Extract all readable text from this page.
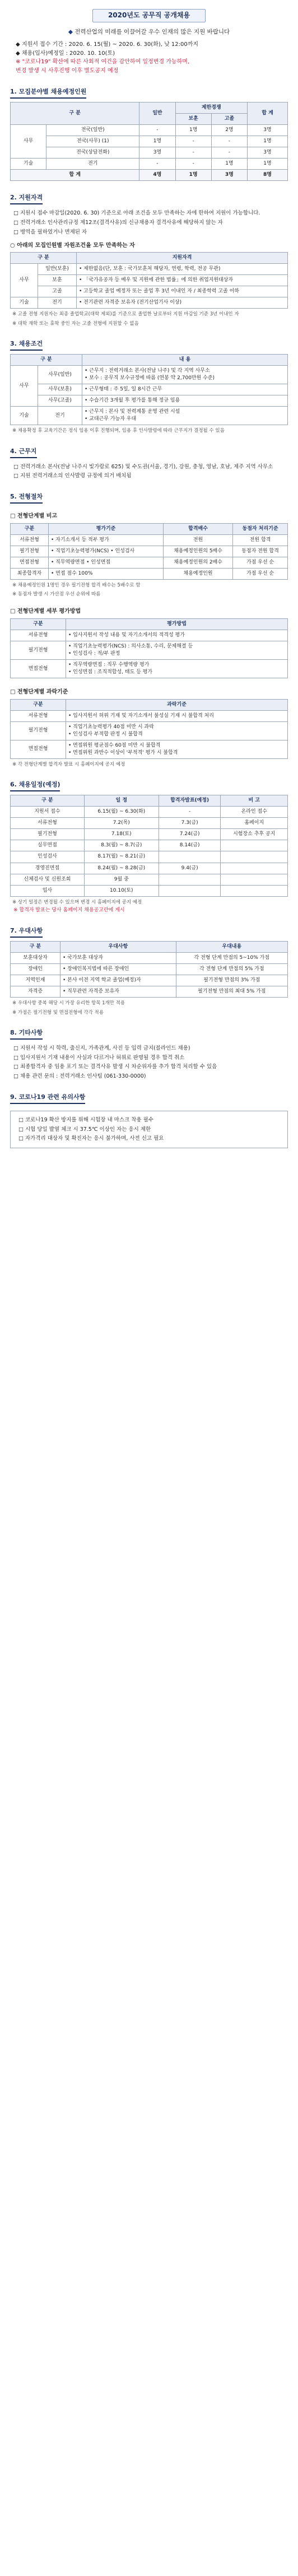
2020년도 공무직 공개채용
◆ 전력산업의 미래를 이끌어갈 우수 인재의 많은 지원 바랍니다
◆ 지원서 접수 기간 : 2020. 6. 15(월) ~ 2020. 6. 30(화), 낮 12:00까지
◆ 채용(입사)예정일 : 2020. 10. 10(토)
※ "코로나19" 확산에 따른 사회적 여건을 감안하여 일정변경 가능하며,
변경 발생 시 사후진행 이후 별도공지 예정
1. 모집분야별 채용예정인원
구 분		일반	제한경쟁		합 계
			보훈	고졸	
사무	전국(일반)	-	1명	2명	3명
	전국(사무) (1)	1명	-	-	1명
	전국(상담전화)	3명	-	-	3명
기술	전기	-	-	1명	1명
합 계		4명	1명	3명	8명
2. 지원자격
□ 지원시 접수 마감일(2020. 6. 30) 기준으로 아래 조건을 모두 만족하는 자에 한하여 지원이 가능합니다.
□ 전력거래소 인사관리규정 제12조(결격사유)의 신규채용자 결격사유에 해당하지 않는 자
□ 병역을 필하였거나 면제된 자
○ 아래의 모집인원별 자원조건을 모두 만족하는 자
구 분		지원자격
사무	일반(보훈)	• 제한없음(단, 보훈 : 국가보훈처 해당자, 연령, 학력, 전공 무관)
	보훈	• 「국가유공자 등 예우 및 지원에 관한 법률」에 의한 취업지원대상자
	고졸	• 고등학교 졸업 예정자 또는 졸업 후 3년 이내인 자 / 최종학력 고졸 이하
기술	전기	• 전기관련 자격증 보유자 (전기산업기사 이상)
※ 고졸 전형 지원자는 최종 졸업학교(대학 제외)를 기준으로 졸업한 날로부터 지원 마감일 기준 3년 이내인 자
※ 대학 재학 또는 휴학 중인 자는 고졸 전형에 지원할 수 없음
3. 채용조건
구 분		내 용
사무	사무(일반)	• 근무지 : 전력거래소 본사(전남 나주) 및 각 지역 사무소
• 보수 : 공무직 보수규정에 따름 (연봉 약 2,700만원 수준)
	사무(보훈)	• 근무형태 : 주 5일, 일 8시간 근무
	사무(고졸)	• 수습기간 3개월 후 평가를 통해 정규 임용
기술	전기	• 근무지 : 본사 및 전력계통 운영 관련 시설
• 교대근무 가능자 우대
※ 채용확정 후 교육기간은 정식 임용 이후 진행되며, 임용 후 인사발령에 따라 근무지가 결정될 수 있음
4. 근무지
□ 전력거래소 본사(전남 나주시 빛가람로 625) 및 수도권(서울, 경기), 강원, 충청, 영남, 호남, 제주 지역 사무소
□ 지원 전력거래소의 인사발령 규정에 의거 배치됨
5. 전형절차
□ 전형단계별 비고
구분	평가기준	합격배수	동점자 처리기준
서류전형	• 자기소개서 등 적부 평가	전원	전원 합격
필기전형	• 직업기초능력평가(NCS) • 인성검사	채용예정인원의 5배수	동점자 전원 합격
면접전형	• 직무역량면접 • 인성면접	채용예정인원의 2배수	가점 우선 순
최종합격자	• 면접 점수 100%	채용예정인원	가점 우선 순
※ 채용예정인원 1명인 경우 필기전형 합격 배수는 5배수로 함
※ 동점자 발생 시 가산점 우선 순위에 따름
□ 전형단계별 세부 평가방법
구분	평가방법
서류전형	• 입사지원서 작성 내용 및 자기소개서의 적격성 평가
필기전형	• 직업기초능력평가(NCS) : 의사소통, 수리, 문제해결 등
• 인성검사 : 적/부 판정
면접전형	• 직무역량면접 : 직무 수행역량 평가
• 인성면접 : 조직적합성, 태도 등 평가
□ 전형단계별 과락기준
구분	과락기준
서류전형	• 입사지원서 허위 기재 및 자기소개서 불성실 기재 시 불합격 처리
필기전형	• 직업기초능력평가 40점 미만 시 과락
• 인성검사 부적합 판정 시 불합격
면접전형	• 면접위원 평균점수 60점 미만 시 불합격
• 면접위원 과반수 이상이 '부적격' 평가 시 불합격
※ 각 전형단계별 합격자 발표 시 홈페이지에 공지 예정
6. 채용일정(예정)
구 분	일 정	합격자발표(예정)	비 고
지원서 접수	6.15(월) ~ 6.30(화)	-	온라인 접수
서류전형	7.2(목)	7.3(금)	홈페이지
필기전형	7.18(토)	7.24(금)	시험장소 추후 공지
실무면접	8.3(월) ~ 8.7(금)	8.14(금)	
인성검사	8.17(월) ~ 8.21(금)		
경영진면접	8.24(월) ~ 8.28(금)	9.4(금)	
신체검사 및 신원조회	9월 중		
입사	10.10(토)		
※ 상기 일정은 변경될 수 있으며 변경 시 홈페이지에 공지 예정
※ 합격자 발표는 당사 홈페이지 채용공고란에 게시
7. 우대사항
구 분	우대사항	우대내용
보훈대상자	• 국가보훈 대상자	각 전형 단계 만점의 5~10% 가점
장애인	• 장애인복지법에 따른 장애인	각 전형 단계 만점의 5% 가점
지역인재	• 본사 이전 지역 학교 졸업(예정)자	필기전형 만점의 3% 가점
자격증	• 직무관련 자격증 보유자	필기전형 만점의 최대 5% 가점
※ 우대사항 중복 해당 시 가장 유리한 항목 1개만 적용
※ 가점은 필기전형 및 면접전형에 각각 적용
8. 기타사항
□ 지원서 작성 시 학력, 출신지, 가족관계, 사진 등 입력 금지(블라인드 채용)
□ 입사지원서 기재 내용이 사실과 다르거나 허위로 판명될 경우 합격 취소
□ 최종합격자 중 임용 포기 또는 결격사유 발생 시 차순위자를 추가 합격 처리할 수 있음
□ 채용 관련 문의 : 전력거래소 인사팀 (061-330-0000)
9. 코로나19 관련 유의사항
□ 코로나19 확산 방지를 위해 시험장 내 마스크 착용 필수
□ 시험 당일 발열 체크 시 37.5℃ 이상인 자는 응시 제한
□ 자가격리 대상자 및 확진자는 응시 불가하며, 사전 신고 필요
